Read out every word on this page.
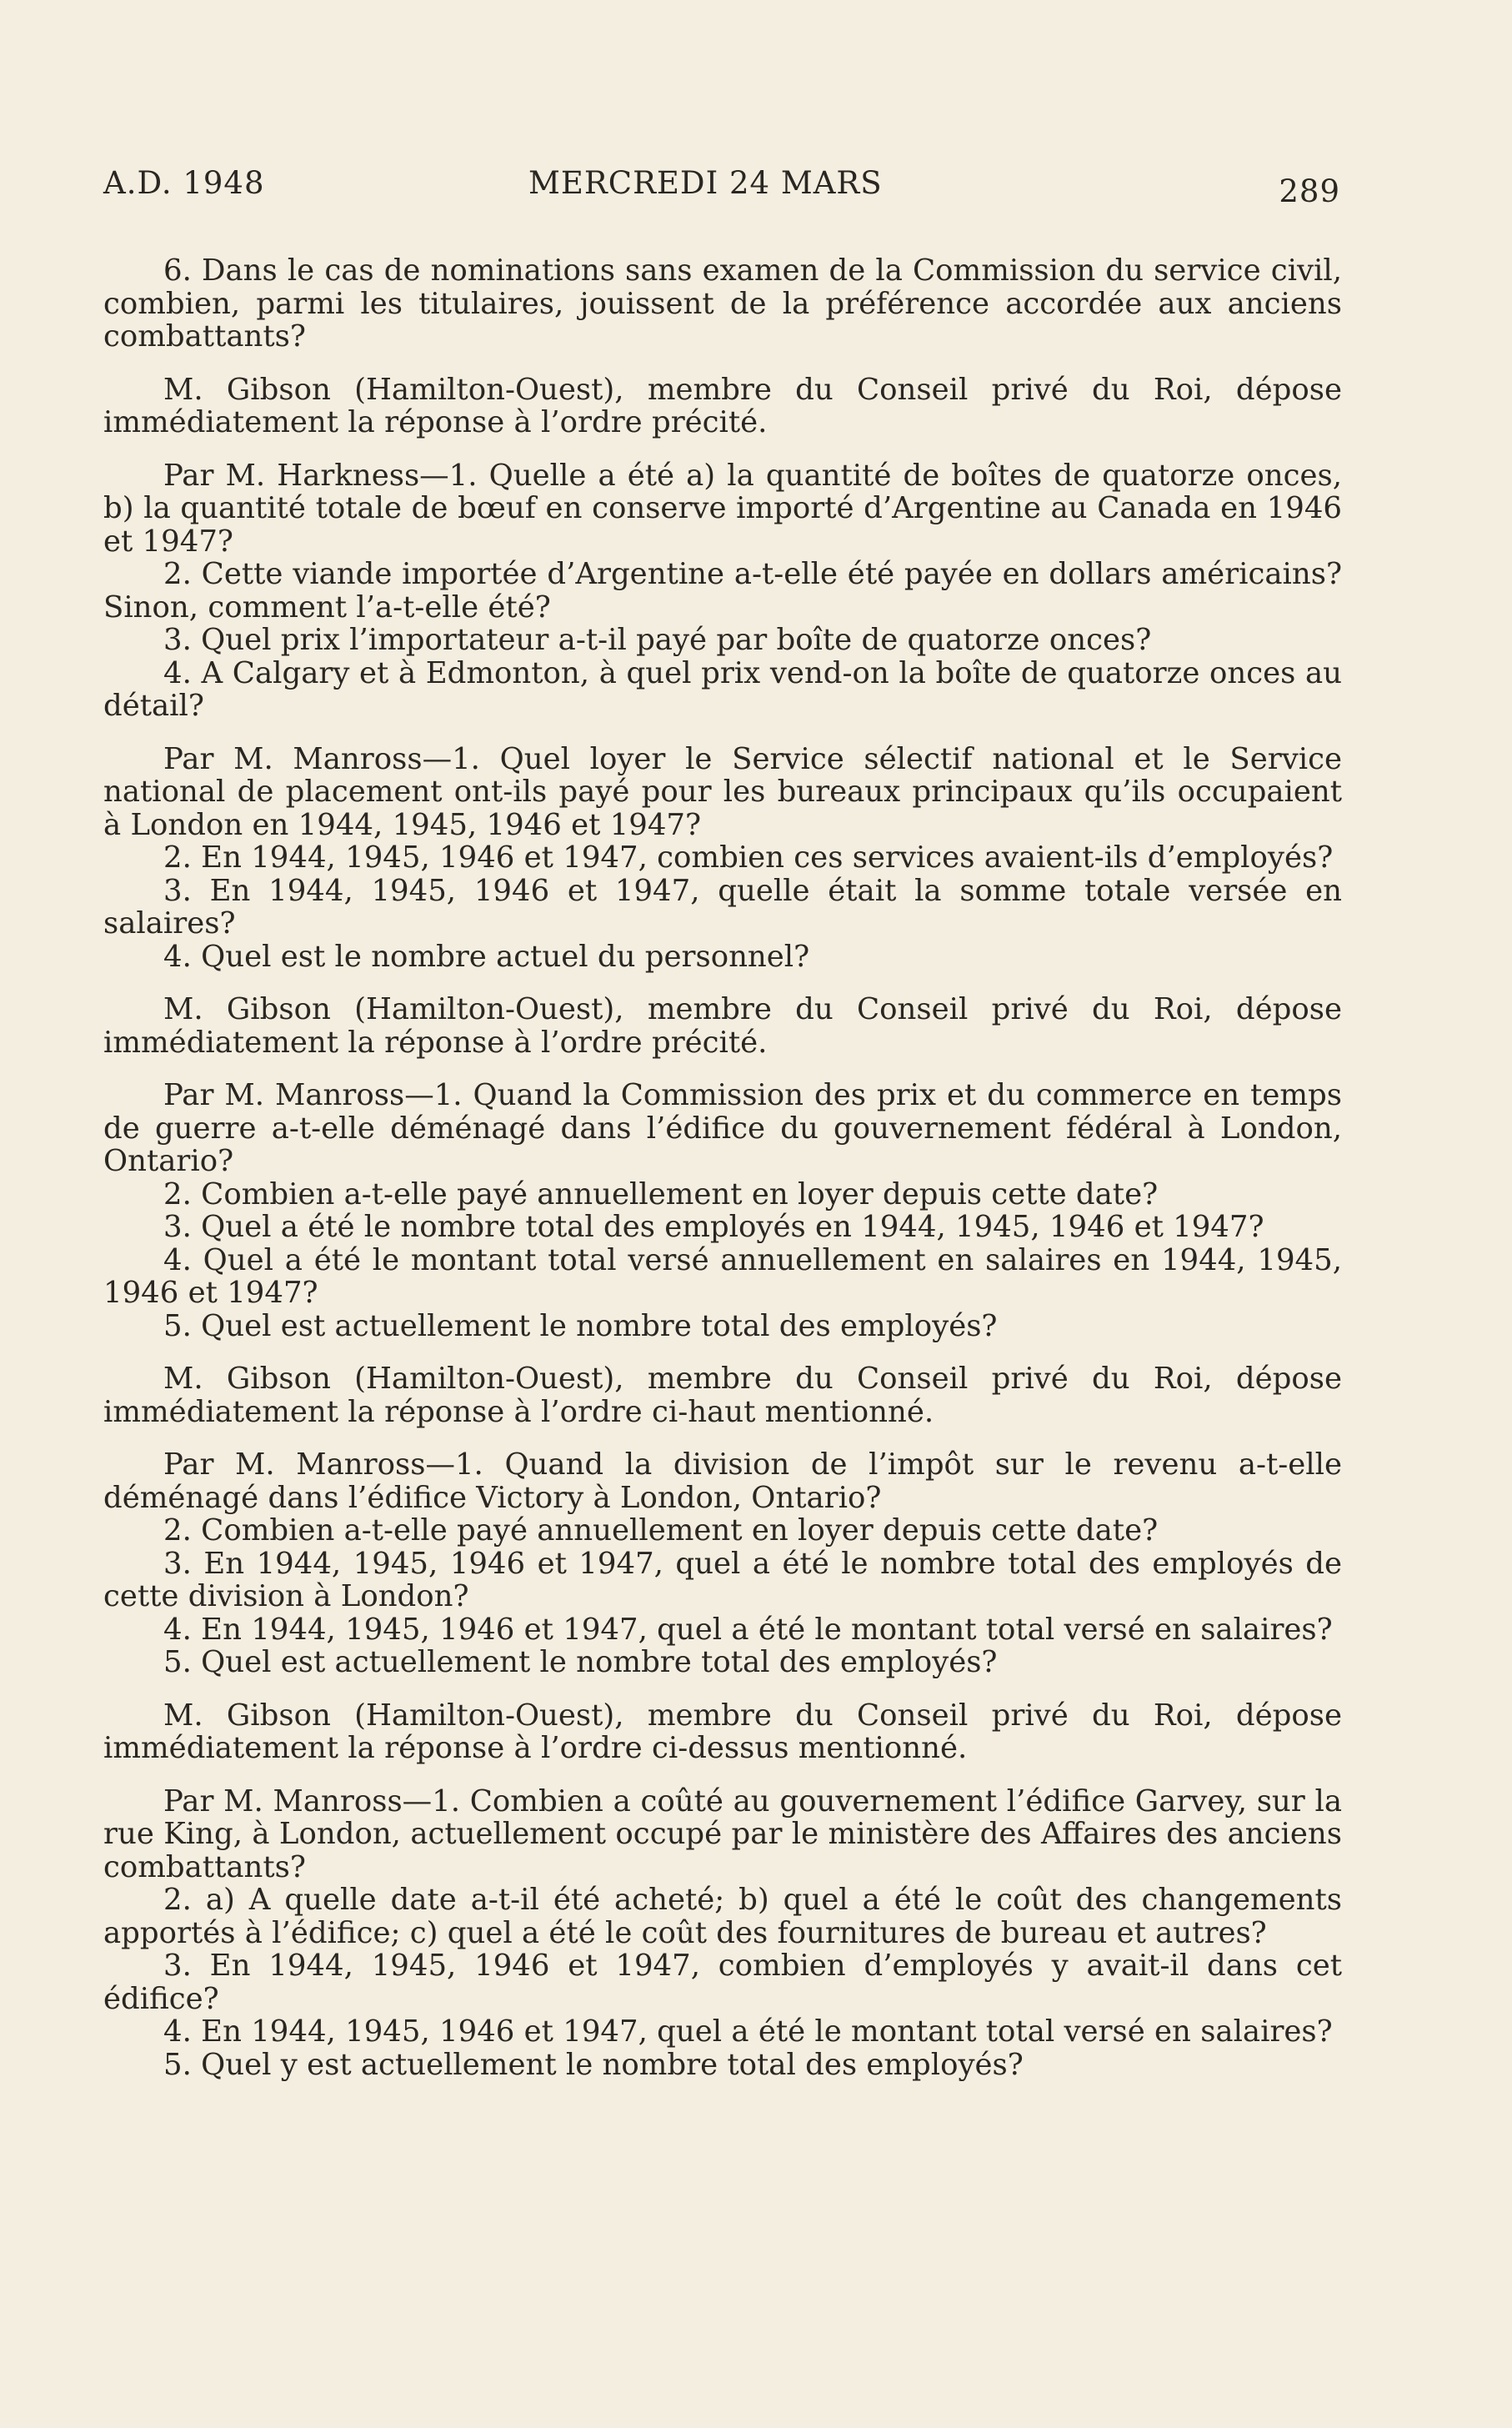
A.D. 1948	MERCREDI 24 MARS	289

6. Dans le cas de nominations sans examen de la Commission du service civil, combien, parmi les titulaires, jouissent de la préférence accordée aux anciens combattants?

M. Gibson (Hamilton-Ouest), membre du Conseil privé du Roi, dépose immédiatement la réponse à l’ordre précité.

Par M. Harkness—1. Quelle a été a) la quantité de boîtes de quatorze onces, b) la quantité totale de bœuf en conserve importé d’Argentine au Canada en 1946 et 1947?

2. Cette viande importée d’Argentine a-t-elle été payée en dollars américains? Sinon, comment l’a-t-elle été?

3. Quel prix l’importateur a-t-il payé par boîte de quatorze onces?

4. A Calgary et à Edmonton, à quel prix vend-on la boîte de quatorze onces au détail?

Par M. Manross—1. Quel loyer le Service sélectif national et le Service national de placement ont-ils payé pour les bureaux principaux qu’ils occupaient à London en 1944, 1945, 1946 et 1947?

2. En 1944, 1945, 1946 et 1947, combien ces services avaient-ils d’employés?

3. En 1944, 1945, 1946 et 1947, quelle était la somme totale versée en salaires?

4. Quel est le nombre actuel du personnel?

M. Gibson (Hamilton-Ouest), membre du Conseil privé du Roi, dépose immédiatement la réponse à l’ordre précité.

Par M. Manross—1. Quand la Commission des prix et du commerce en temps de guerre a-t-elle déménagé dans l’édifice du gouvernement fédéral à London, Ontario?

2. Combien a-t-elle payé annuellement en loyer depuis cette date?

3. Quel a été le nombre total des employés en 1944, 1945, 1946 et 1947?

4. Quel a été le montant total versé annuellement en salaires en 1944, 1945, 1946 et 1947?

5. Quel est actuellement le nombre total des employés?

M. Gibson (Hamilton-Ouest), membre du Conseil privé du Roi, dépose immédiatement la réponse à l’ordre ci-haut mentionné.

Par M. Manross—1. Quand la division de l’impôt sur le revenu a-t-elle déménagé dans l’édifice Victory à London, Ontario?

2. Combien a-t-elle payé annuellement en loyer depuis cette date?

3. En 1944, 1945, 1946 et 1947, quel a été le nombre total des employés de cette division à London?

4. En 1944, 1945, 1946 et 1947, quel a été le montant total versé en salaires?

5. Quel est actuellement le nombre total des employés?

M. Gibson (Hamilton-Ouest), membre du Conseil privé du Roi, dépose immédiatement la réponse à l’ordre ci-dessus mentionné.

Par M. Manross—1. Combien a coûté au gouvernement l’édifice Garvey, sur la rue King, à London, actuellement occupé par le ministère des Affaires des anciens combattants?

2. a) A quelle date a-t-il été acheté; b) quel a été le coût des changements apportés à l’édifice; c) quel a été le coût des fournitures de bureau et autres?

3. En 1944, 1945, 1946 et 1947, combien d’employés y avait-il dans cet édifice?

4. En 1944, 1945, 1946 et 1947, quel a été le montant total versé en salaires?

5. Quel y est actuellement le nombre total des employés?
